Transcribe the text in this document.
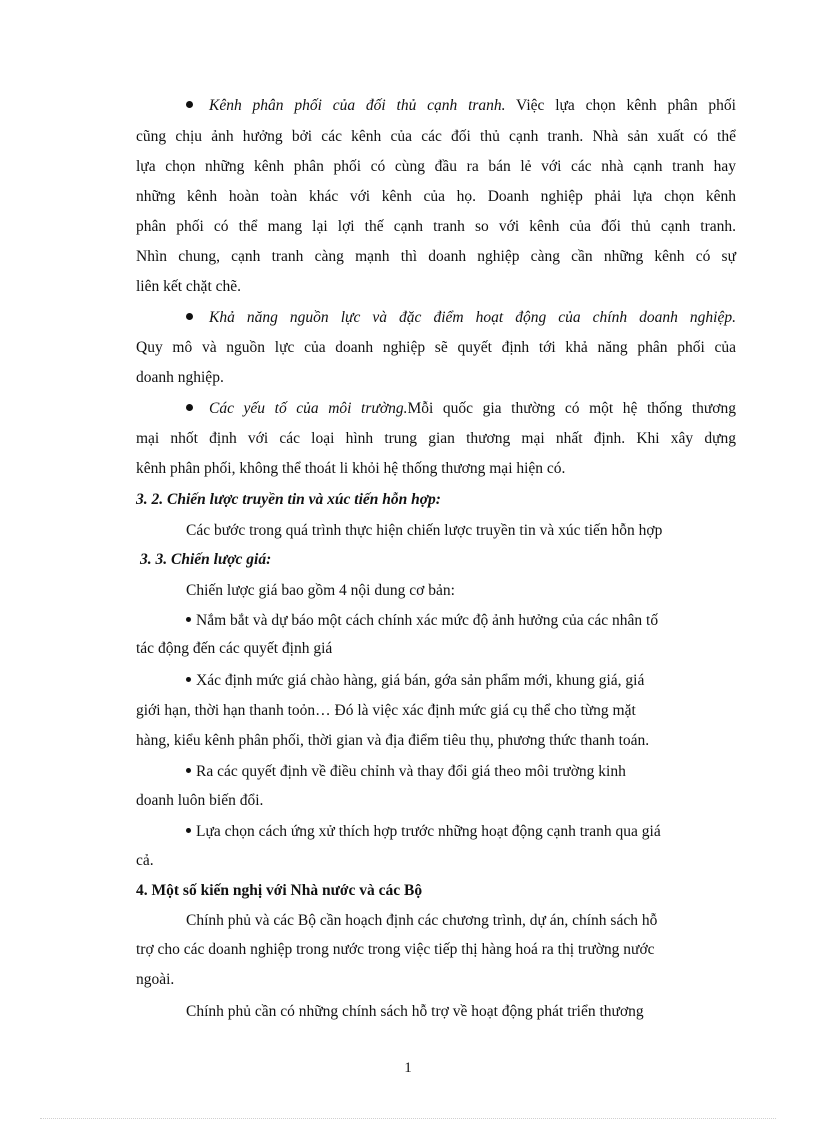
Kênh phân phối của đối thủ cạnh tranh. Việc lựa chọn kênh phân phối
cũng chịu ảnh hưởng bởi các kênh của các đối thủ cạnh tranh. Nhà sản xuất có thể
lựa chọn những kênh phân phối có cùng đầu ra bán lẻ với các nhà cạnh tranh hay
những kênh hoàn toàn khác với kênh của họ. Doanh nghiệp phải lựa chọn kênh
phân phối có thể mang lại lợi thế cạnh tranh so với kênh của đối thủ cạnh tranh.
Nhìn chung, cạnh tranh càng mạnh thì doanh nghiệp càng cần những kênh có sự
liên kết chặt chẽ.
Khả năng nguồn lực và đặc điểm hoạt động của chính doanh nghiệp.
Quy mô và nguồn lực của doanh nghiệp sẽ quyết định tới khả năng phân phối của
doanh nghiệp.
Các yếu tố của môi trường.Mỗi quốc gia thường có một hệ thống thương
mại nhốt định với các loại hình trung gian thương mại nhất định. Khi xây dựng
kênh phân phối, không thể thoát li khỏi hệ thống thương mại hiện có.
3. 2. Chiến lược truyền tin và xúc tiến hỗn hợp:
Các bước trong quá trình thực hiện chiến lược truyền tin và xúc tiến hỗn hợp
3. 3. Chiến lược giá:
Chiến lược giá bao gồm 4 nội dung cơ bản:
Nắm bắt và dự báo một cách chính xác mức độ ảnh hưởng của các nhân tố
tác động đến các quyết định giá
Xác định mức giá chào hàng, giá bán, gớa sản phẩm mới, khung giá, giá
giới hạn, thời hạn thanh toỏn… Đó là việc xác định mức giá cụ thể cho từng mặt
hàng, kiểu kênh phân phối, thời gian và địa điểm tiêu thụ, phương thức thanh toán.
Ra các quyết định về điều chỉnh và thay đổi giá theo môi trường kinh
doanh luôn biến đổi.
Lựa chọn cách ứng xử thích hợp trước những hoạt động cạnh tranh qua giá
cả.
4. Một số kiến nghị với Nhà nước và các Bộ
Chính phủ và các Bộ cần hoạch định các chương trình, dự án, chính sách hỗ
trợ cho các doanh nghiệp trong nước trong việc tiếp thị hàng hoá ra thị trường nước
ngoài.
Chính phủ cần có những chính sách hỗ trợ về hoạt động phát triển thương
1
